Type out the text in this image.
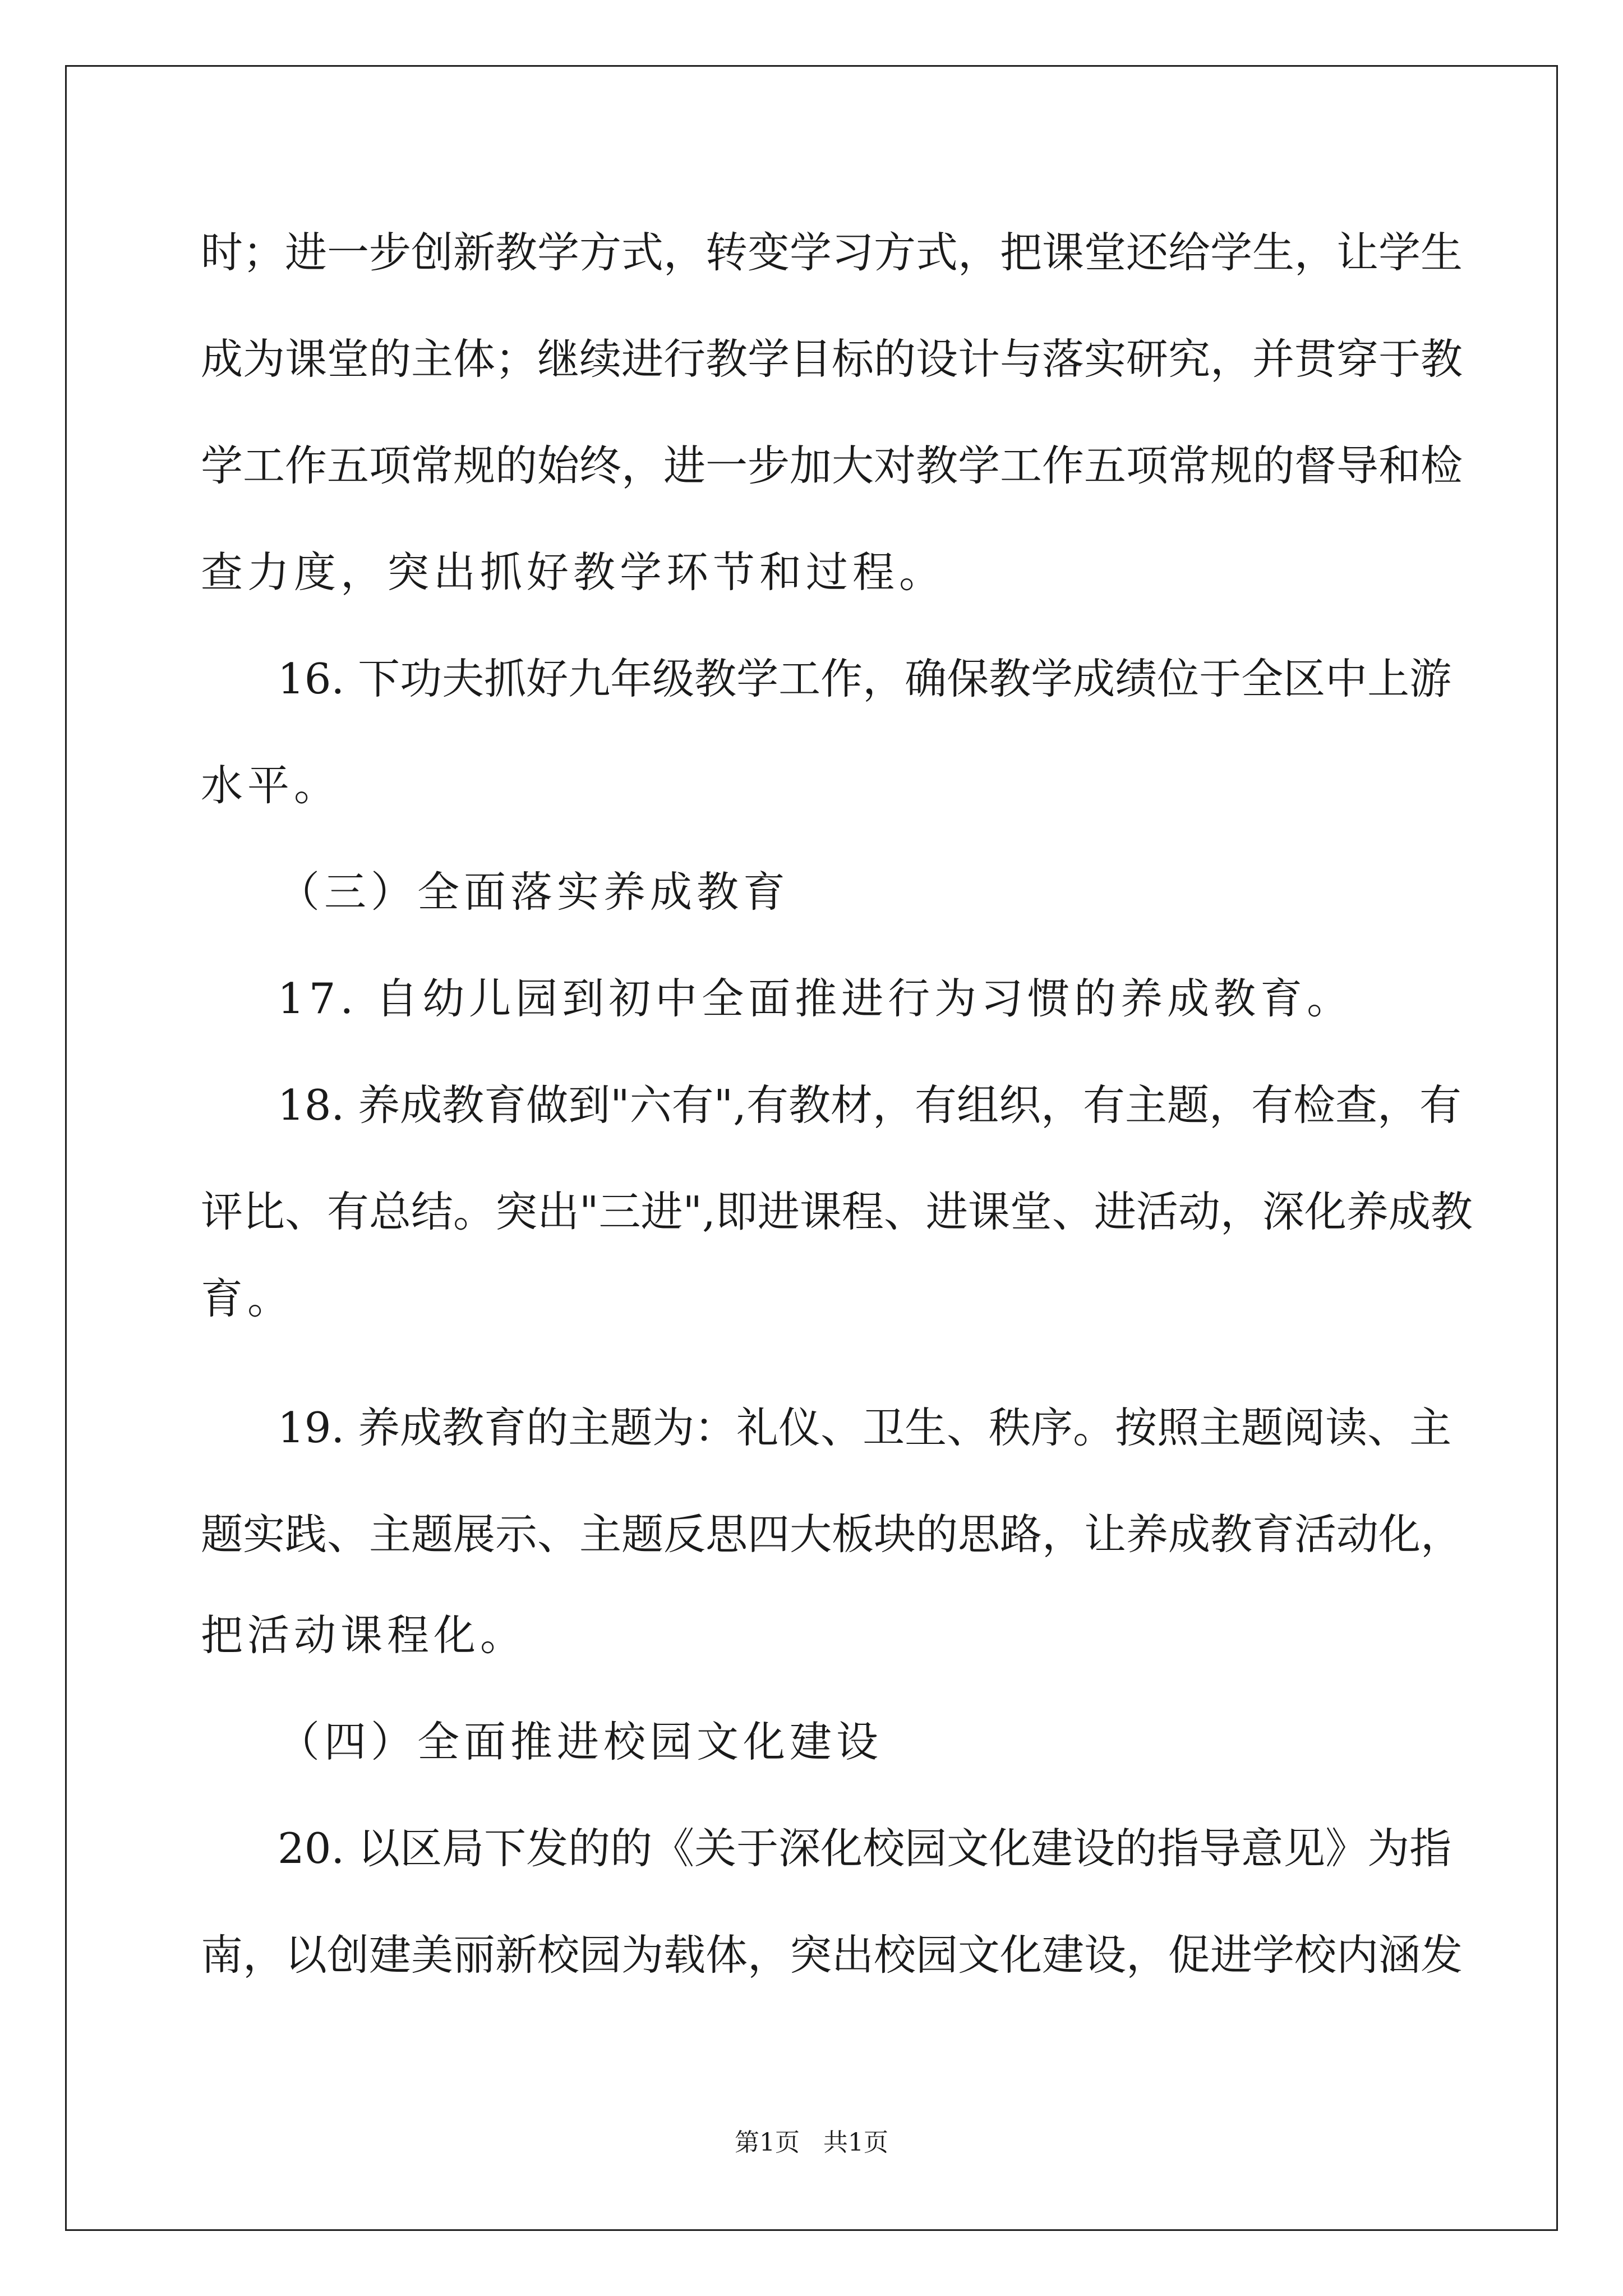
时；进一步创新教学方式，转变学习方式，把课堂还给学生，让学生
成为课堂的主体；继续进行教学目标的设计与落实研究，并贯穿于教
学工作五项常规的始终，进一步加大对教学工作五项常规的督导和检
查力度，突出抓好教学环节和过程。
16. 下功夫抓好九年级教学工作，确保教学成绩位于全区中上游
水平。
（三）全面落实养成教育
17. 自幼儿园到初中全面推进行为习惯的养成教育。
18. 养成教育做到"六有",有教材，有组织，有主题，有检查，有
评比、有总结。突出"三进",即进课程、进课堂、进活动，深化养成教
育。
19. 养成教育的主题为：礼仪、卫生、秩序。按照主题阅读、主
题实践、主题展示、主题反思四大板块的思路，让养成教育活动化，
把活动课程化。
（四）全面推进校园文化建设
20. 以区局下发的的《关于深化校园文化建设的指导意见》为指
南，以创建美丽新校园为载体，突出校园文化建设，促进学校内涵发
第1页   共1页
